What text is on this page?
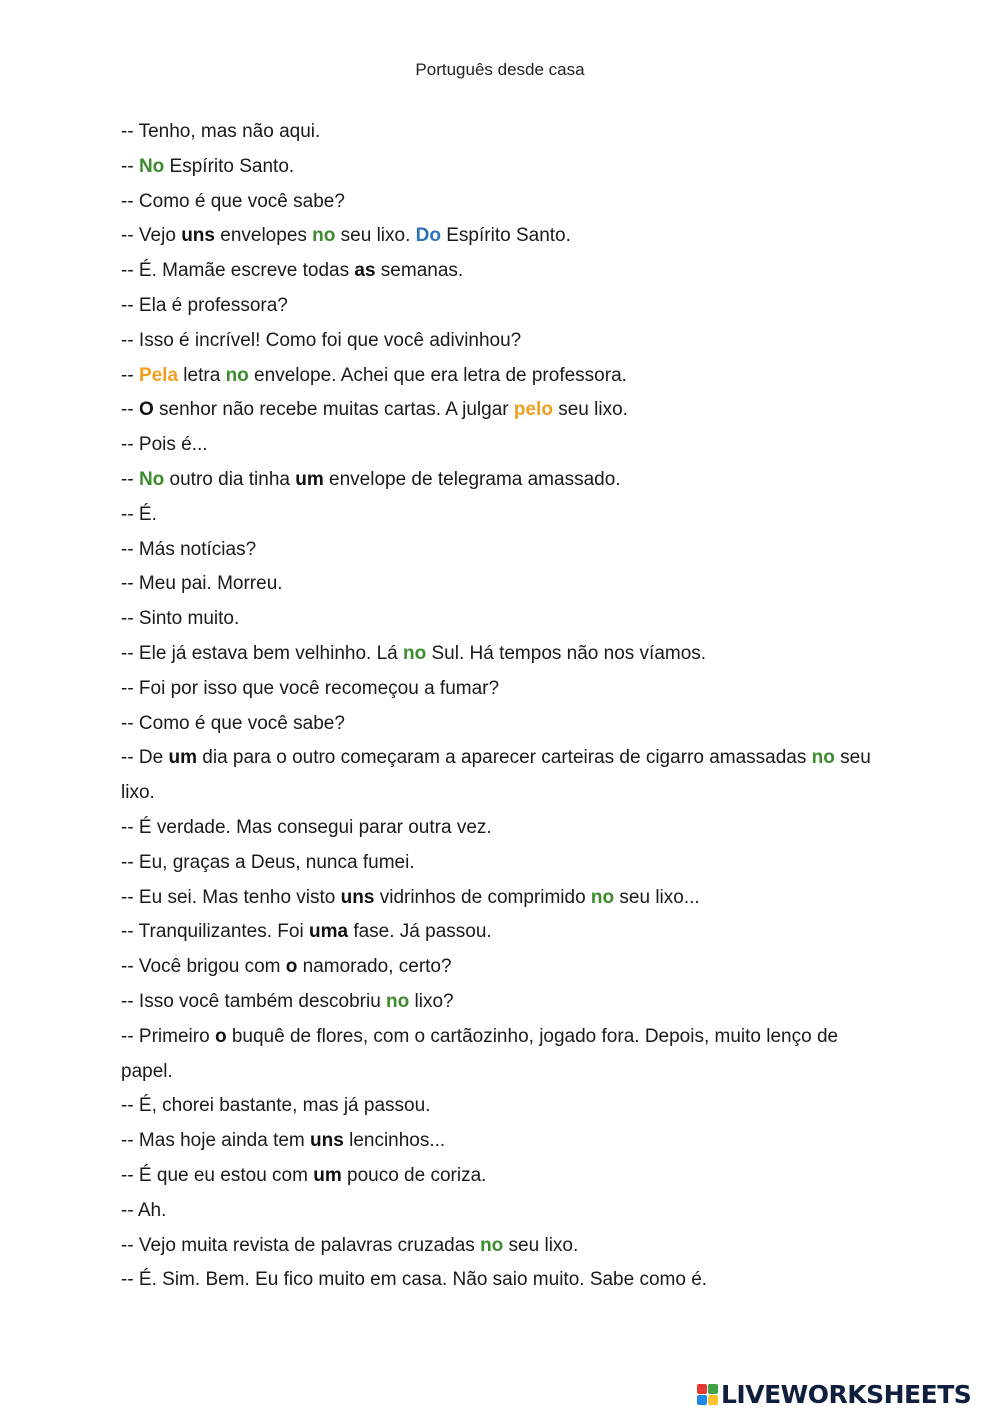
Português desde casa
-- Tenho, mas não aqui.
-- No Espírito Santo.
-- Como é que você sabe?
-- Vejo uns envelopes no seu lixo. Do Espírito Santo.
-- É. Mamãe escreve todas as semanas.
-- Ela é professora?
-- Isso é incrível! Como foi que você adivinhou?
-- Pela letra no envelope. Achei que era letra de professora.
-- O senhor não recebe muitas cartas. A julgar pelo seu lixo.
-- Pois é...
-- No outro dia tinha um envelope de telegrama amassado.
-- É.
-- Más notícias?
-- Meu pai. Morreu.
-- Sinto muito.
-- Ele já estava bem velhinho. Lá no Sul. Há tempos não nos víamos.
-- Foi por isso que você recomeçou a fumar?
-- Como é que você sabe?
-- De um dia para o outro começaram a aparecer carteiras de cigarro amassadas no seu lixo.
-- É verdade. Mas consegui parar outra vez.
-- Eu, graças a Deus, nunca fumei.
-- Eu sei. Mas tenho visto uns vidrinhos de comprimido no seu lixo...
-- Tranquilizantes. Foi uma fase. Já passou.
-- Você brigou com o namorado, certo?
-- Isso você também descobriu no lixo?
-- Primeiro o buquê de flores, com o cartãozinho, jogado fora. Depois, muito lenço de papel.
-- É, chorei bastante, mas já passou.
-- Mas hoje ainda tem uns lencinhos...
-- É que eu estou com um pouco de coriza.
-- Ah.
-- Vejo muita revista de palavras cruzadas no seu lixo.
-- É. Sim. Bem. Eu fico muito em casa. Não saio muito. Sabe como é.
LIVEWORKSHEETS
